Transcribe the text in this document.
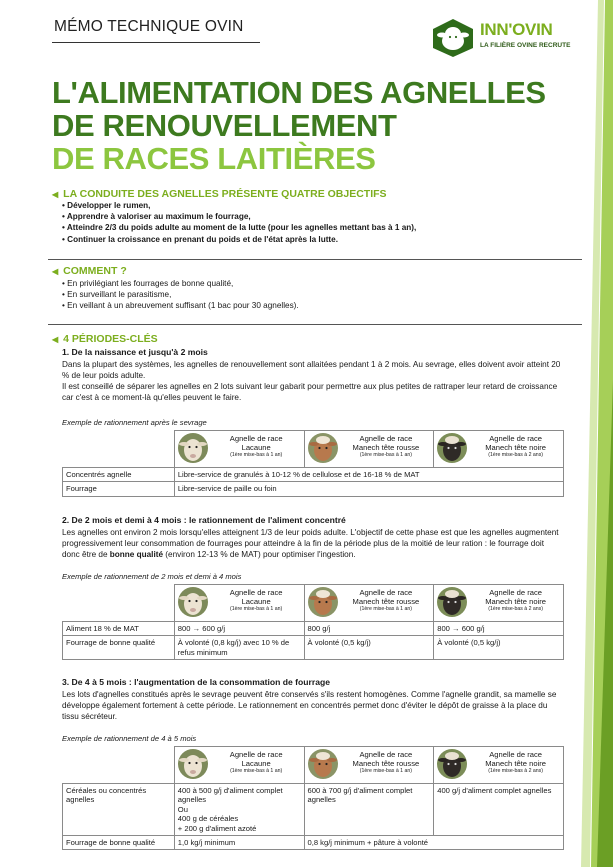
MÉMO TECHNIQUE OVIN	INN'OVIN
LA FILIÈRE OVINE RECRUTE
L'ALIMENTATION DES AGNELLES
DE RENOUVELLEMENT
DE RACES LAITIÈRES
◀ LA CONDUITE DES AGNELLES PRÉSENTE QUATRE OBJECTIFS
• Développer le rumen,
• Apprendre à valoriser au maximum le fourrage,
• Atteindre 2/3 du poids adulte au moment de la lutte (pour les agnelles mettant bas à 1 an),
• Continuer la croissance en prenant du poids et de l'état après la lutte.
◀ COMMENT ?
• En privilégiant les fourrages de bonne qualité,
• En surveillant le parasitisme,
• En veillant à un abreuvement suffisant (1 bac pour 30 agnelles).
◀ 4 PÉRIODES-CLÉS
1. De la naissance et jusqu'à 2 mois

Dans la plupart des systèmes, les agnelles de renouvellement sont allaitées pendant 1 à 2 mois. Au sevrage, elles doivent avoir atteint 20 % de leur poids adulte.

Il est conseillé de séparer les agnelles en 2 lots suivant leur gabarit pour permettre aux plus petites de rattraper leur retard de croissance car c'est à ce moment-là qu'elles peuvent le faire.

Exemple de rationnement après le sevrage

	Agnelle de race
Lacaune
(1ère mise-bas à 1 an)	Agnelle de race
Manech tête rousse
(1ère mise-bas à 1 an)	Agnelle de race
Manech tête noire
(1ère mise-bas à 2 ans)

Concentrés agnelle	Libre-service de granulés à 10-12 % de cellulose et de 16-18 % de MAT		
Fourrage	Libre-service de paille ou foin		
2. De 2 mois et demi à 4 mois : le rationnement de l'aliment concentré

Les agnelles ont environ 2 mois lorsqu'elles atteignent 1/3 de leur poids adulte. L'objectif de cette phase est que les agnelles augmentent progressivement leur consommation de fourrages pour atteindre à la fin de la période plus de la moitié de leur ration : le fourrage doit donc être de bonne qualité (environ 12-13 % de MAT) pour optimiser l'ingestion.

Exemple de rationnement de 2 mois et demi à 4 mois

	Agnelle de race
Lacaune
(1ère mise-bas à 1 an)	Agnelle de race
Manech tête rousse
(1ère mise-bas à 1 an)	Agnelle de race
Manech tête noire
(1ère mise-bas à 2 ans)

Aliment 18 % de MAT	800 → 600 g/j	800 g/j	800 → 600 g/j
Fourrage de bonne qualité	À volonté (0,8 kg/j) avec 10 % de refus minimum	À volonté (0,5 kg/j)	À volonté (0,5 kg/j)
3. De 4 à 5 mois : l'augmentation de la consommation de fourrage

Les lots d'agnelles constitués après le sevrage peuvent être conservés s'ils restent homogènes. Comme l'agnelle grandit, sa mamelle se développe également fortement à cette période. Le rationnement en concentrés permet donc d'éviter le dépôt de graisse à la place du tissu sécréteur.

Exemple de rationnement de 4 à 5 mois

	Agnelle de race
Lacaune
(1ère mise-bas à 1 an)	Agnelle de race
Manech tête rousse
(1ère mise-bas à 1 an)	Agnelle de race
Manech tête noire
(1ère mise-bas à 2 ans)

Céréales ou concentrés agnelles	400 à 500 g/j d'aliment complet agnelles
Ou
400 g de céréales
+ 200 g d'aliment azoté	600 à 700 g/j d'aliment complet agnelles	400 g/j d'aliment complet agnelles
Fourrage de bonne qualité	1,0 kg/j minimum	0,8 kg/j minimum + pâture à volonté	
